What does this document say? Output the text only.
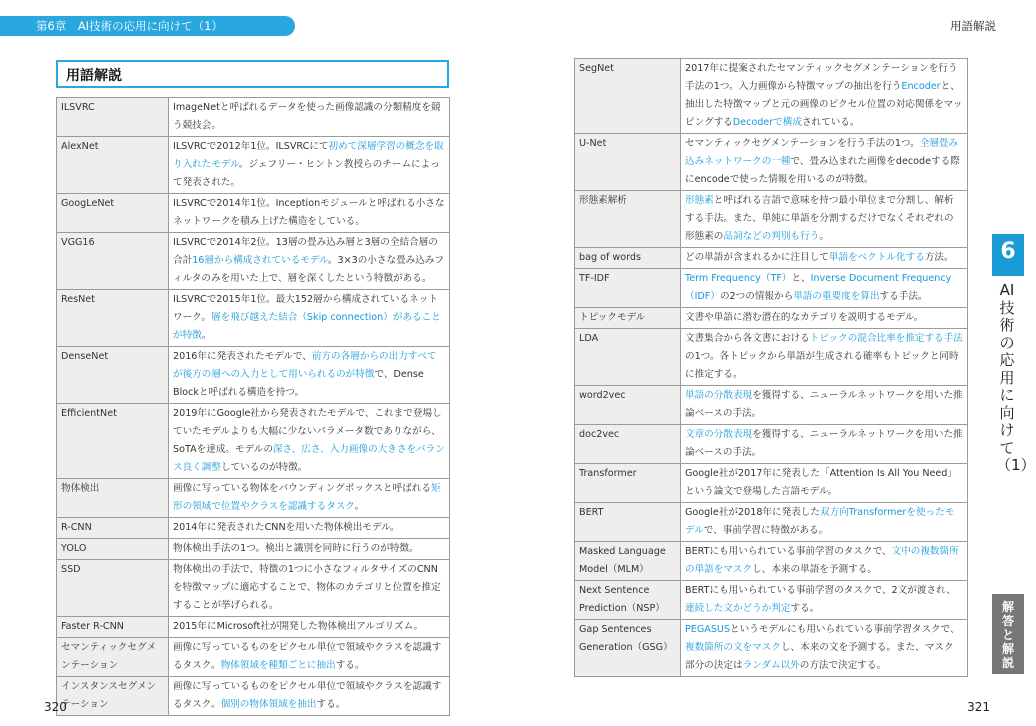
第6章　AI技術の応用に向けて（1）	用語解説
用語解説
ILSVRC	ImageNetと呼ばれるデータを使った画像認識の分類精度を競う競技会。
AlexNet	ILSVRCで2012年1位。ILSVRCにて初めて深層学習の概念を取り入れたモデル。ジェフリー・ヒントン教授らのチームによって発表された。
GoogLeNet	ILSVRCで2014年1位。Inceptionモジュールと呼ばれる小さなネットワークを積み上げた構造をしている。
VGG16	ILSVRCで2014年2位。13層の畳み込み層と3層の全結合層の合計16層から構成されているモデル。3×3の小さな畳み込みフィルタのみを用いた上で、層を深くしたという特徴がある。
ResNet	ILSVRCで2015年1位。最大152層から構成されているネットワーク。層を飛び越えた結合（Skip connection）があることが特徴。
DenseNet	2016年に発表されたモデルで、前方の各層からの出力すべてが後方の層への入力として用いられるのが特徴で、Dense Blockと呼ばれる構造を持つ。
EfficientNet	2019年にGoogle社から発表されたモデルで、これまで登場していたモデルよりも大幅に少ないパラメータ数でありながら、SoTAを達成。モデルの深さ、広さ、入力画像の大きさをバランス良く調整しているのが特徴。
物体検出	画像に写っている物体をバウンディングボックスと呼ばれる矩形の領域で位置やクラスを認識するタスク。
R-CNN	2014年に発表されたCNNを用いた物体検出モデル。
YOLO	物体検出手法の1つ。検出と識別を同時に行うのが特徴。
SSD	物体検出の手法で、特徴の1つに小さなフィルタサイズのCNNを特徴マップに適応することで、物体のカテゴリと位置を推定することが挙げられる。
Faster R-CNN	2015年にMicrosoft社が開発した物体検出アルゴリズム。
セマンティックセグメンテーション	画像に写っているものをピクセル単位で領域やクラスを認識するタスク。物体領域を種類ごとに抽出する。
インスタンスセグメンテーション	画像に写っているものをピクセル単位で領域やクラスを認識するタスク。個別の物体領域を抽出する。
SegNet	2017年に提案されたセマンティックセグメンテーションを行う手法の1つ。入力画像から特徴マップの抽出を行うEncoderと、抽出した特徴マップと元の画像のピクセル位置の対応関係をマッピングするDecoderで構成されている。
U-Net	セマンティックセグメンテーションを行う手法の1つ。全層畳み込みネットワークの一種で、畳み込まれた画像をdecodeする際にencodeで使った情報を用いるのが特徴。
形態素解析	形態素と呼ばれる言語で意味を持つ最小単位まで分割し、解析する手法。また、単純に単語を分割するだけでなくそれぞれの形態素の品詞などの判別も行う。
bag of words	どの単語が含まれるかに注目して単語をベクトル化する方法。
TF-IDF	Term Frequency（TF）と、Inverse Document Frequency（IDF）の2つの情報から単語の重要度を算出する手法。
トピックモデル	文書や単語に潜む潜在的なカテゴリを説明するモデル。
LDA	文書集合から各文書におけるトピックの混合比率を推定する手法の1つ。各トピックから単語が生成される確率もトピックと同時に推定する。
word2vec	単語の分散表現を獲得する、ニューラルネットワークを用いた推論ベースの手法。
doc2vec	文章の分散表現を獲得する、ニューラルネットワークを用いた推論ベースの手法。
Transformer	Google社が2017年に発表した「Attention Is All You Need」という論文で登場した言語モデル。
BERT	Google社が2018年に発表した双方向Transformerを使ったモデルで、事前学習に特徴がある。
Masked Language Model（MLM）	BERTにも用いられている事前学習のタスクで、文中の複数箇所の単語をマスクし、本来の単語を予測する。
Next Sentence Prediction（NSP）	BERTにも用いられている事前学習のタスクで、2文が渡され、連続した文かどうか判定する。
Gap Sentences Generation（GSG）	PEGASUSというモデルにも用いられている事前学習タスクで、複数箇所の文をマスクし、本来の文を予測する。また、マスク部分の決定はランダム以外の方法で決定する。
6
AI技術の応用に向けて（1）
解答と解説
320	321
